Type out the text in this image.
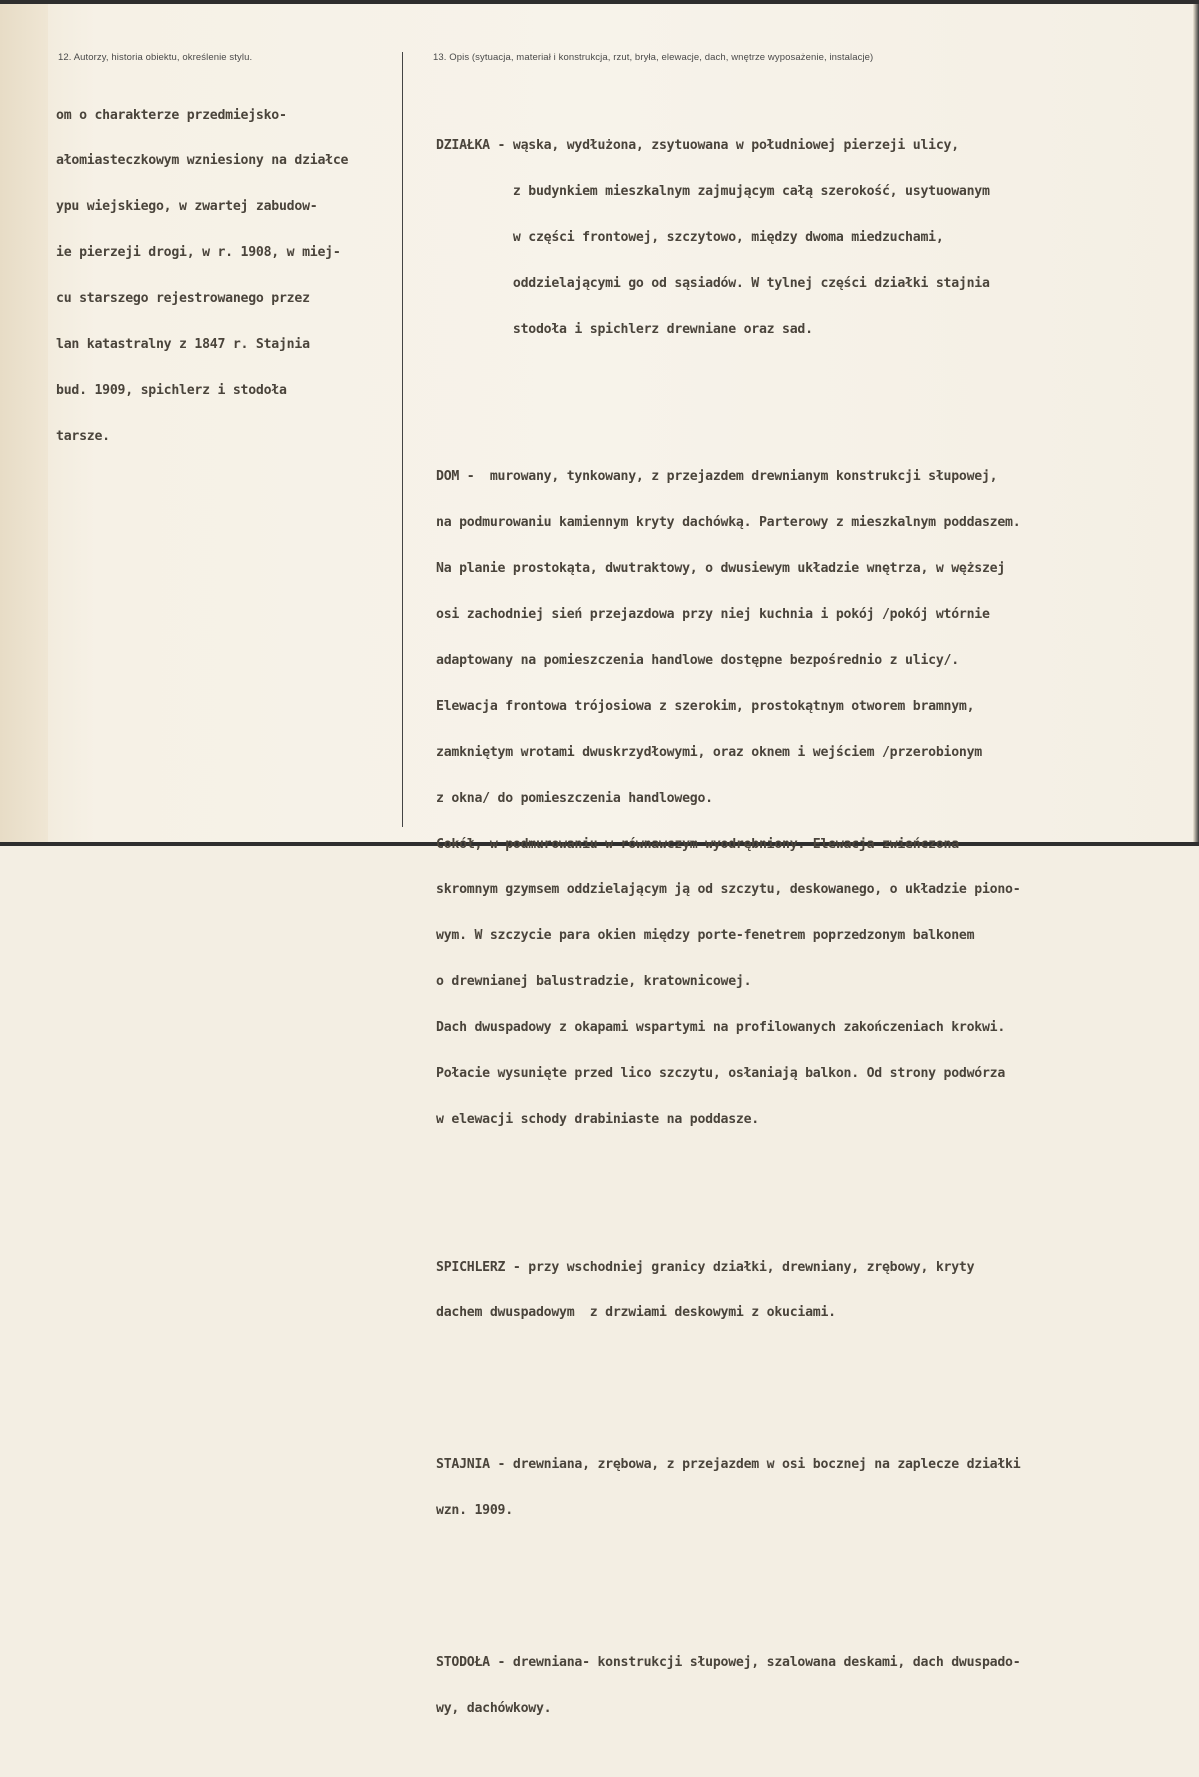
12. Autorzy, historia obiektu, określenie stylu.	13. Opis (sytuacja, materiał i konstrukcja, rzut, bryła, elewacje, dach, wnętrze wyposażenie, instalacje)

om o charakterze przedmiejsko-

ałomiasteczkowym wzniesiony na działce

ypu wiejskiego, w zwartej zabudow-

ie pierzeji drogi, w r. 1908, w miej-

cu starszego rejestrowanego przez

lan katastralny z 1847 r. Stajnia

bud. 1909, spichlerz i stodoła

tarsze.

DZIAŁKA - wąska, wydłużona, zsytuowana w południowej pierzeji ulicy,

z budynkiem mieszkalnym zajmującym całą szerokość, usytuowanym

w części frontowej, szczytowo, między dwoma miedzuchami,

oddzielającymi go od sąsiadów. W tylnej części działki stajnia

stodoła i spichlerz drewniane oraz sad.

DOM -  murowany, tynkowany, z przejazdem drewnianym konstrukcji słupowej,

na podmurowaniu kamiennym kryty dachówką. Parterowy z mieszkalnym poddaszem.

Na planie prostokąta, dwutraktowy, o dwusiewym układzie wnętrza, w węższej

osi zachodniej sień przejazdowa przy niej kuchnia i pokój /pokój wtórnie

adaptowany na pomieszczenia handlowe dostępne bezpośrednio z ulicy/.

Elewacja frontowa trójosiowa z szerokim, prostokątnym otworem bramnym,

zamkniętym wrotami dwuskrzydłowymi, oraz oknem i wejściem /przerobionym

z okna/ do pomieszczenia handlowego.

Cokół, w podmurowaniu w równawczym wyodrębniony. Elewacja zwieńczona

skromnym gzymsem oddzielającym ją od szczytu, deskowanego, o układzie piono-

wym. W szczycie para okien między porte-fenetrem poprzedzonym balkonem

o drewnianej balustradzie, kratownicowej.

Dach dwuspadowy z okapami wspartymi na profilowanych zakończeniach krokwi.

Połacie wysunięte przed lico szczytu, osłaniają balkon. Od strony podwórza

w elewacji schody drabiniaste na poddasze.

SPICHLERZ - przy wschodniej granicy działki, drewniany, zrębowy, kryty

dachem dwuspadowym  z drzwiami deskowymi z okuciami.

STAJNIA - drewniana, zrębowa, z przejazdem w osi bocznej na zaplecze działki

wzn. 1909.

STODOŁA - drewniana- konstrukcji słupowej, szalowana deskami, dach dwuspado-

wy, dachówkowy.
